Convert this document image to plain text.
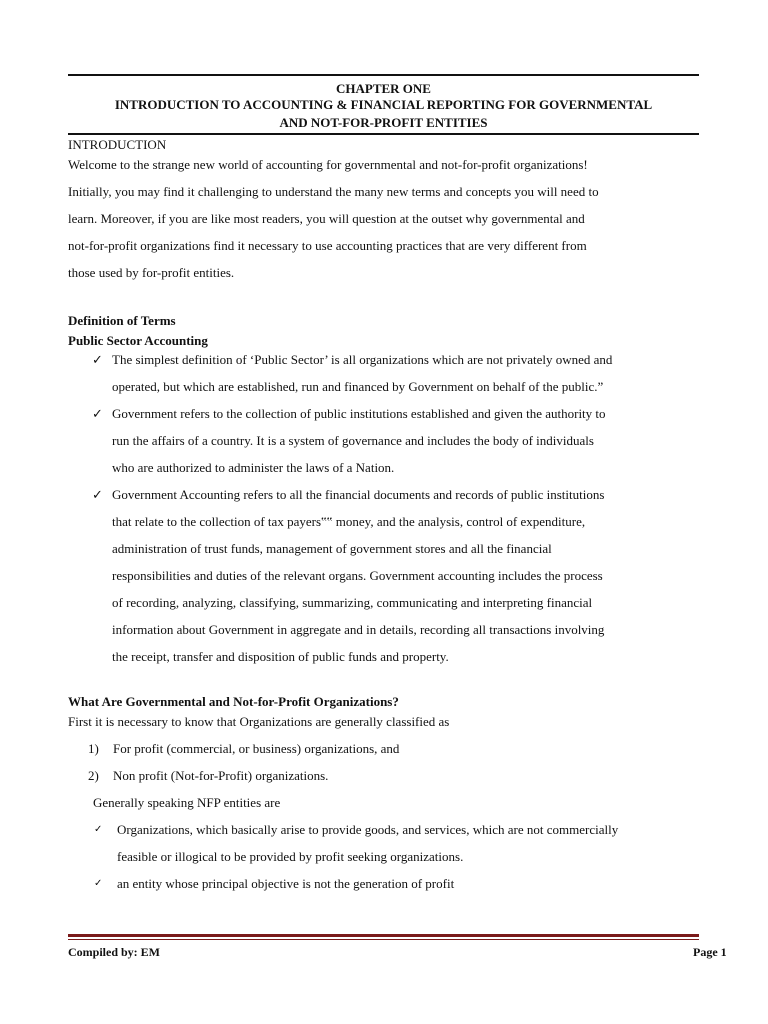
CHAPTER ONE
INTRODUCTION TO ACCOUNTING & FINANCIAL REPORTING FOR GOVERNMENTAL
AND NOT-FOR-PROFIT ENTITIES
INTRODUCTION
Welcome to the strange new world of accounting for governmental and not-for-profit organizations!
Initially, you may find it challenging to understand the many new terms and concepts you will need to
learn. Moreover, if you are like most readers, you will question at the outset why governmental and
not-for-profit organizations find it necessary to use accounting practices that are very different from
those used by for-profit entities.
Definition of Terms
Public Sector Accounting
✓ The simplest definition of ‘Public Sector’ is all organizations which are not privately owned and
operated, but which are established, run and financed by Government on behalf of the public.”
✓ Government refers to the collection of public institutions established and given the authority to
run the affairs of a country. It is a system of governance and includes the body of individuals
who are authorized to administer the laws of a Nation.
✓ Government Accounting refers to all the financial documents and records of public institutions
that relate to the collection of tax payers‟‟ money, and the analysis, control of expenditure,
administration of trust funds, management of government stores and all the financial
responsibilities and duties of the relevant organs. Government accounting includes the process
of recording, analyzing, classifying, summarizing, communicating and interpreting financial
information about Government in aggregate and in details, recording all transactions involving
the receipt, transfer and disposition of public funds and property.
What Are Governmental and Not-for-Profit Organizations?
First it is necessary to know that Organizations are generally classified as
1) For profit (commercial, or business) organizations, and
2) Non profit (Not-for-Profit) organizations.
Generally speaking NFP entities are
✓ Organizations, which basically arise to provide goods, and services, which are not commercially
feasible or illogical to be provided by profit seeking organizations.
✓ an entity whose principal objective is not the generation of profit
Compiled by: EM	Page 1
